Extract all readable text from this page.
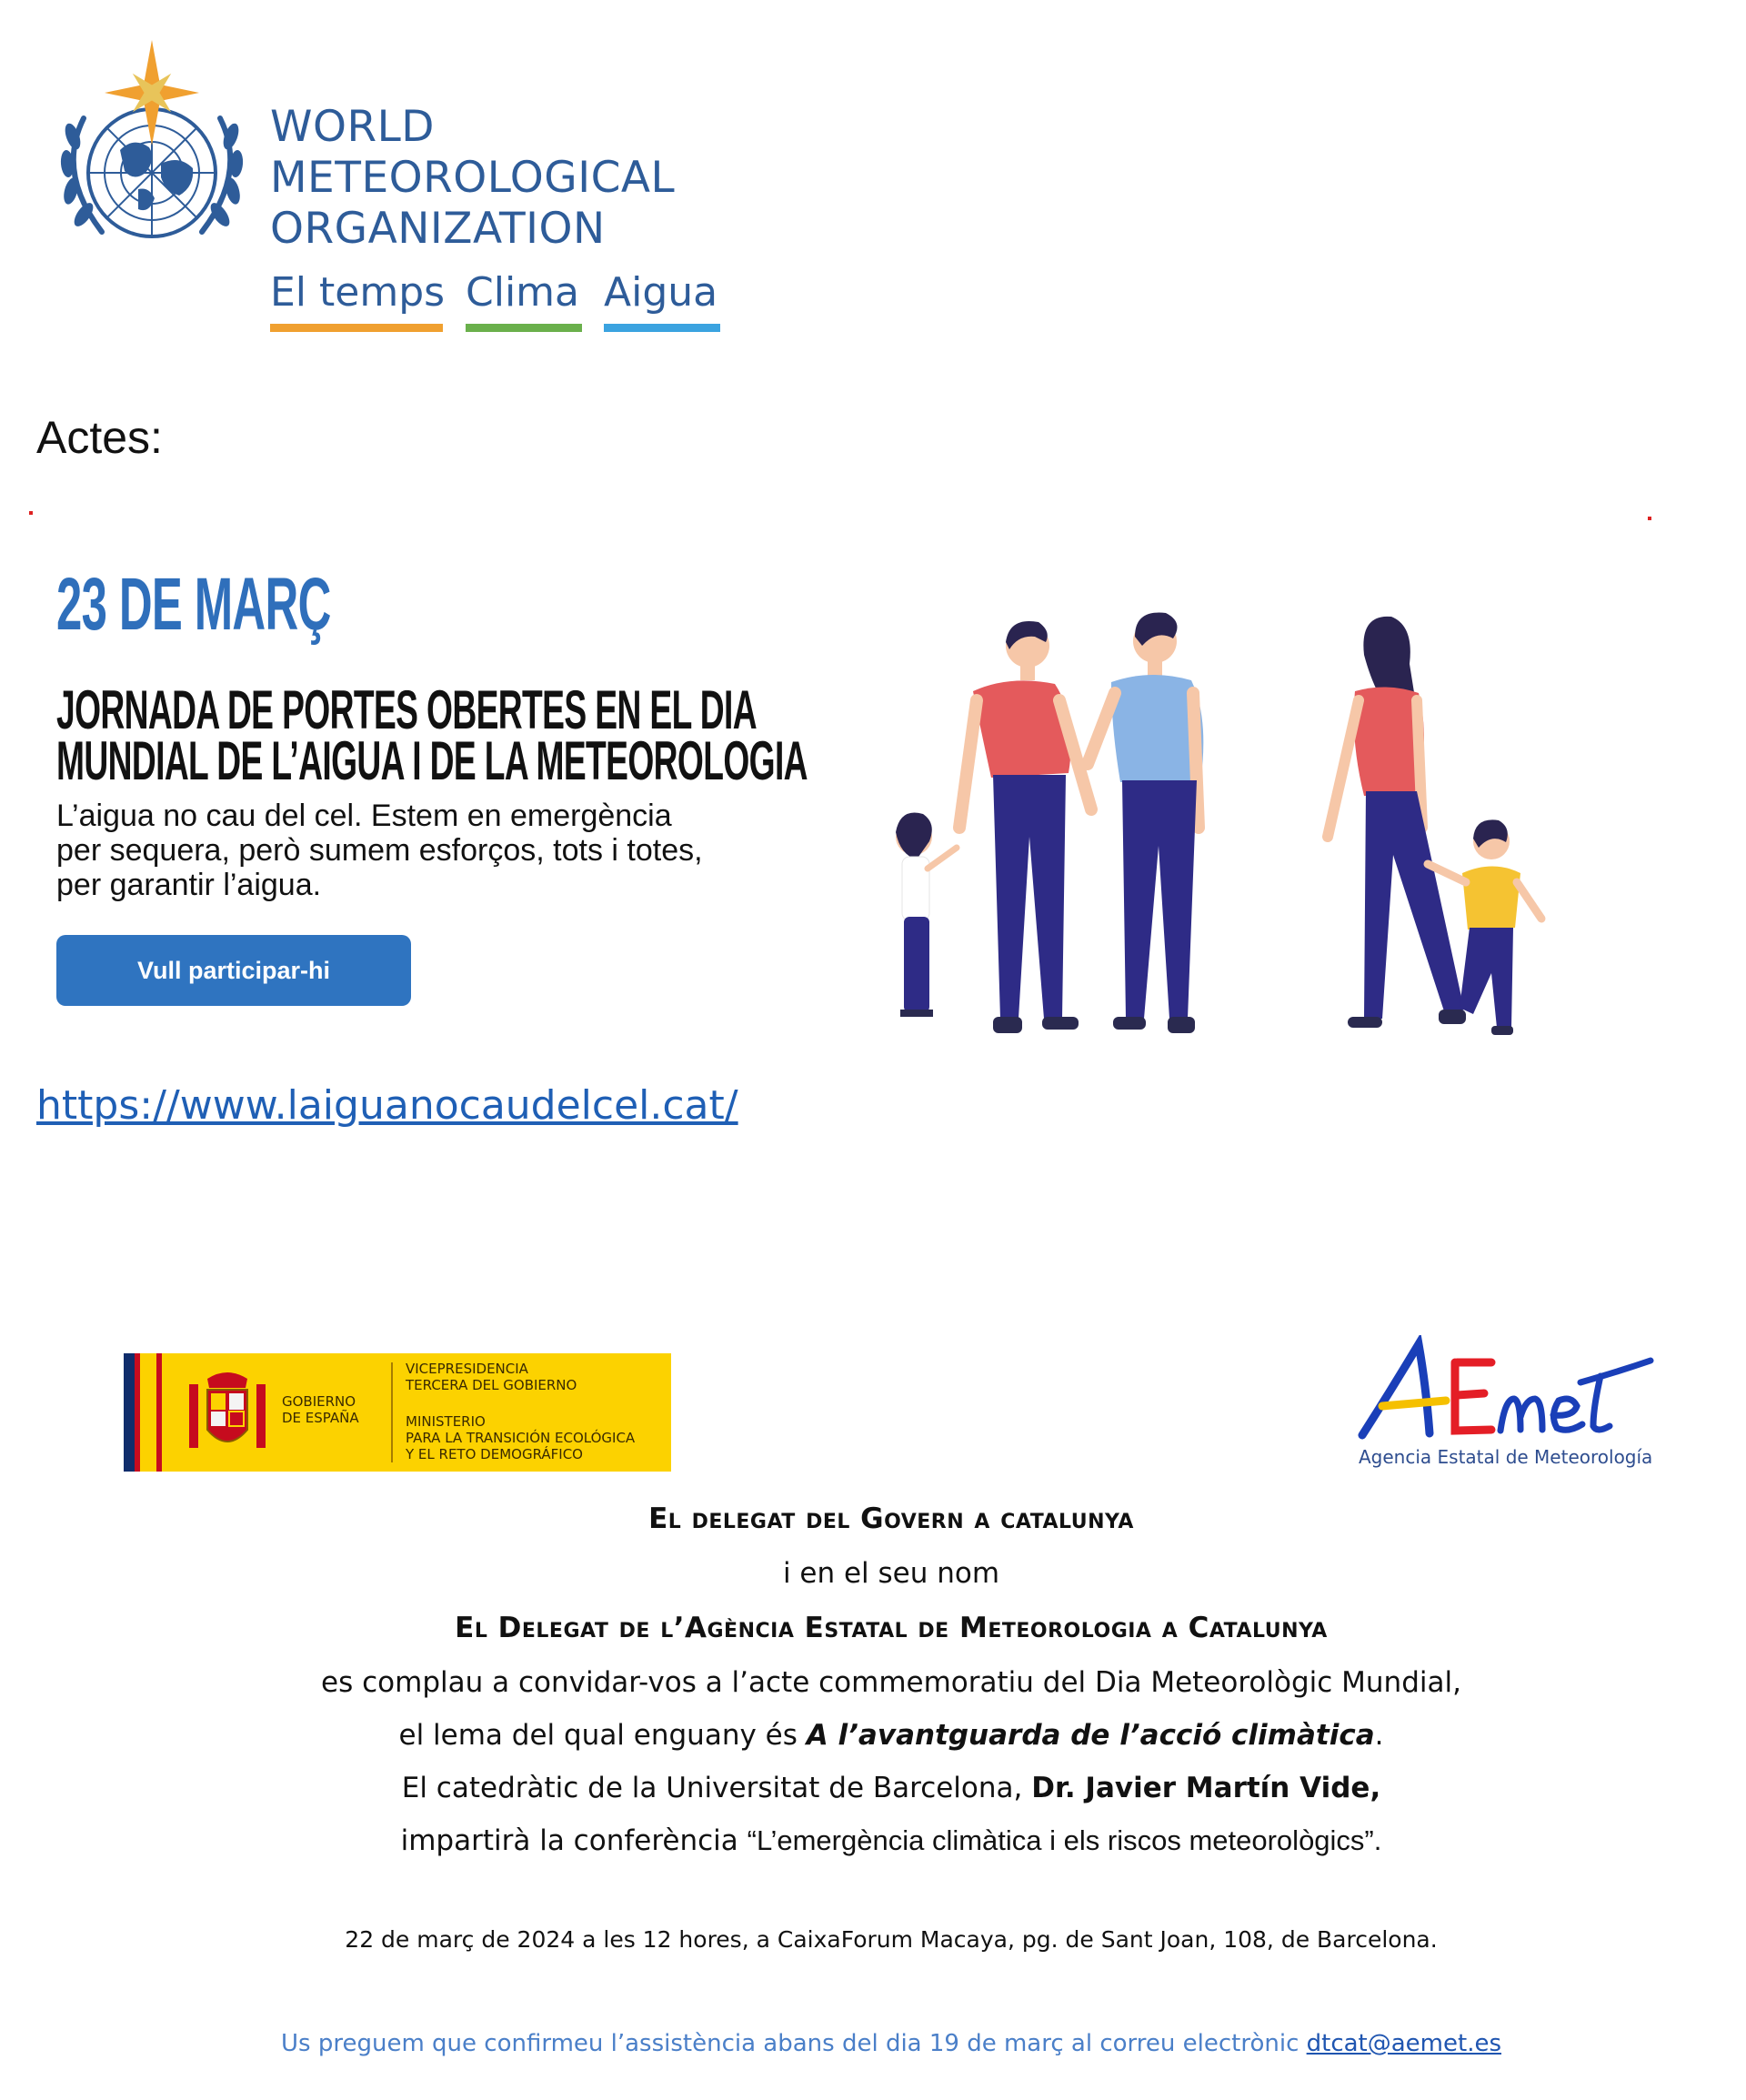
WORLD
METEOROLOGICAL
ORGANIZATION
El temps Clima Aigua
Actes:
23 DE MARÇ
JORNADA DE PORTES OBERTES EN EL DIA
MUNDIAL DE L’AIGUA I DE LA METEOROLOGIA
L’aigua no cau del cel. Estem en emergència per sequera, però sumem esforços, tots i totes, per garantir l’aigua.
Vull participar-hi
https://www.laiguanocaudelcel.cat/
GOBIERNO
DE ESPAÑA
VICEPRESIDENCIA
TERCERA DEL GOBIERNO
MINISTERIO
PARA LA TRANSICIÓN ECOLÓGICA
Y EL RETO DEMOGRÁFICO	Agencia Estatal de Meteorología
El delegat del Govern a catalunya
i en el seu nom
El Delegat de l’Agència Estatal de Meteorologia a Catalunya
es complau a convidar-vos a l’acte commemoratiu del Dia Meteorològic Mundial,
el lema del qual enguany és A l’avantguarda de l’acció climàtica.
El catedràtic de la Universitat de Barcelona, Dr. Javier Martín Vide,
impartirà la conferència “L’emergència climàtica i els riscos meteorològics”.
22 de març de 2024 a les 12 hores, a CaixaForum Macaya, pg. de Sant Joan, 108, de Barcelona.
Us preguem que confirmeu l’assistència abans del dia 19 de març al correu electrònic dtcat@aemet.es
